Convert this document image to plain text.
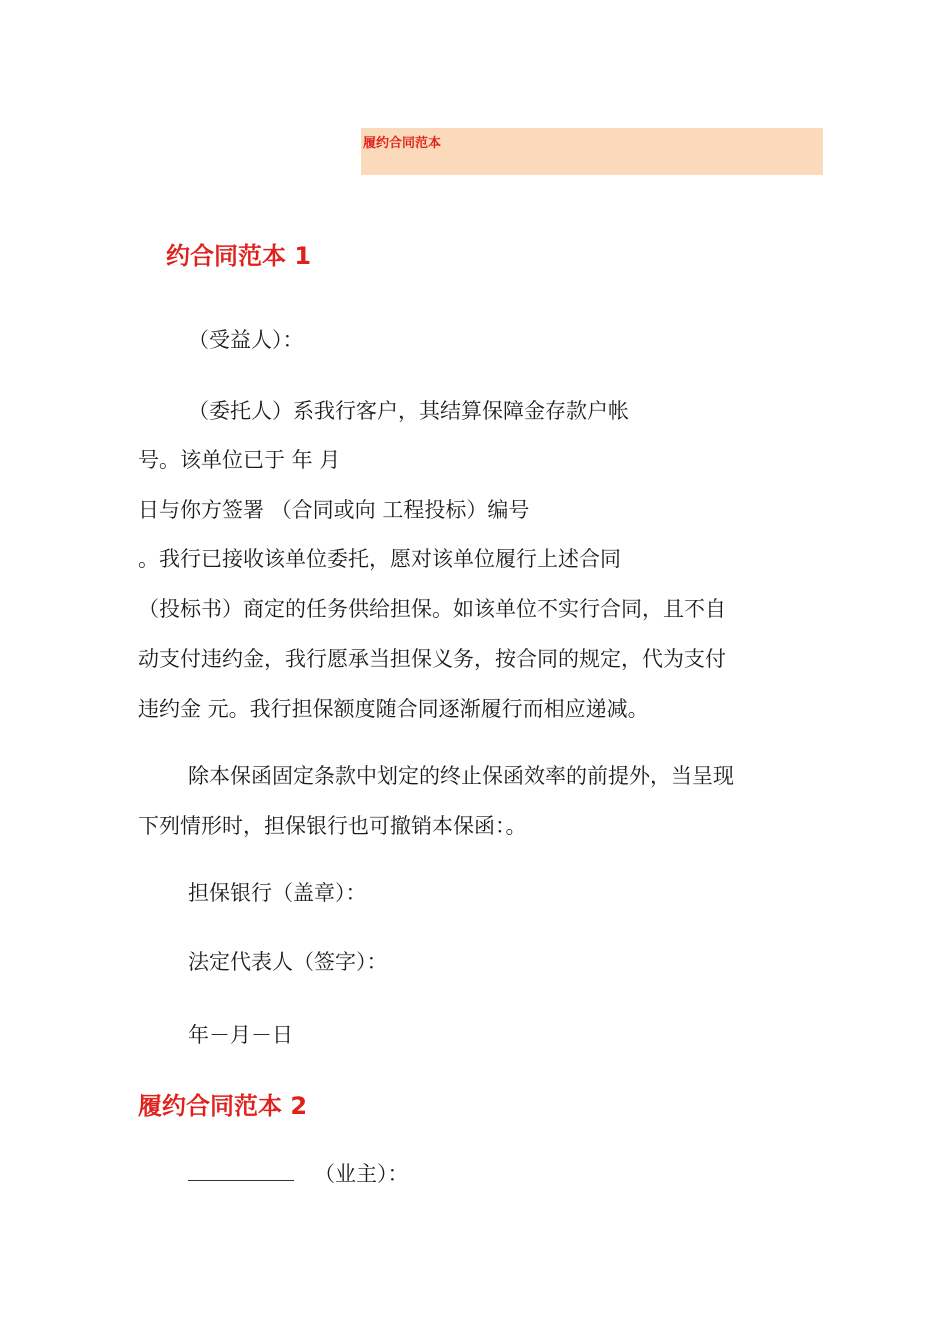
履约合同范本
约合同范本 1
（受益人）：
（委托人）系我行客户，其结算保障金存款户帐
号。该单位已于 年 月
日与你方签署 （合同或向 工程投标）编号
。我行已接收该单位委托，愿对该单位履行上述合同
（投标书）商定的任务供给担保。如该单位不实行合同，且不自
动支付违约金，我行愿承当担保义务，按合同的规定，代为支付
违约金 元。我行担保额度随合同逐渐履行而相应递减。
除本保函固定条款中划定的终止保函效率的前提外，当呈现
下列情形时，担保银行也可撤销本保函：。
担保银行（盖章）：
法定代表人（签字）：
年－月－日
履约合同范本 2
（业主）：
